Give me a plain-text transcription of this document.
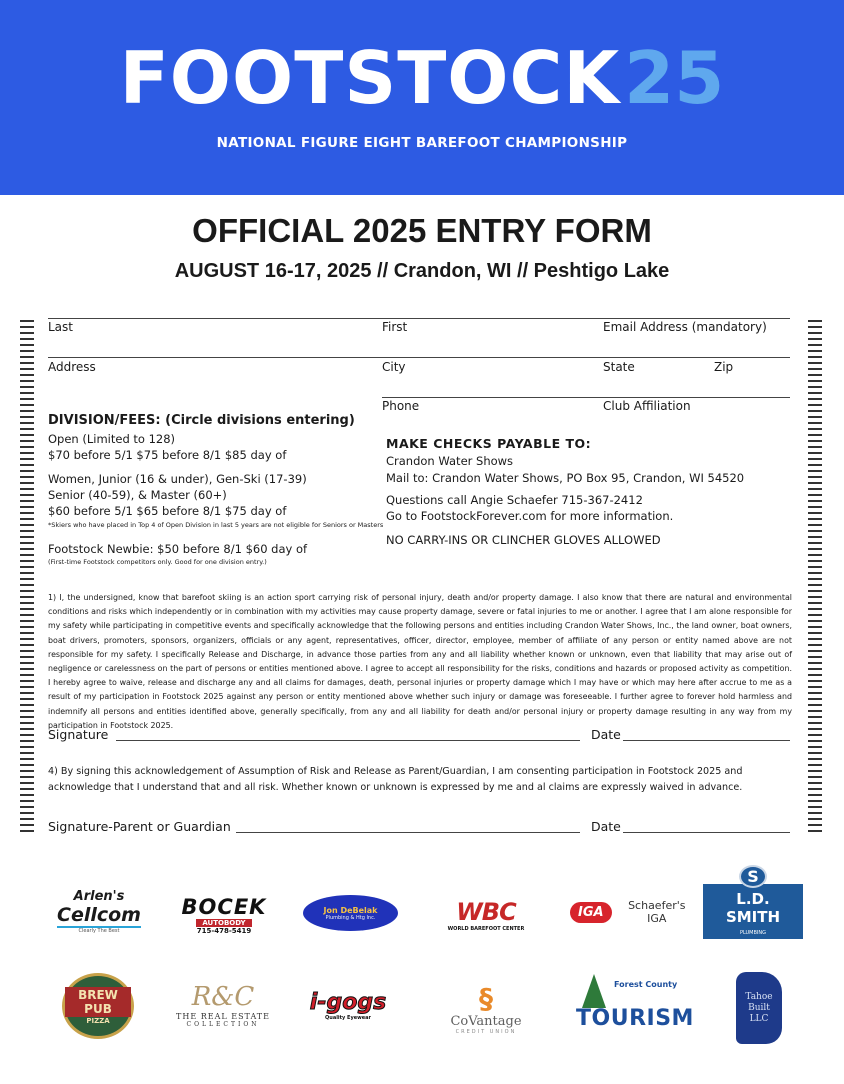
FOOTSTOCK25
NATIONAL FIGURE EIGHT BAREFOOT CHAMPIONSHIP
OFFICIAL 2025 ENTRY FORM
AUGUST 16-17, 2025 // Crandon, WI // Peshtigo Lake
Last	First	Email Address (mandatory)
Address	City	State	Zip
Phone	Club Affiliation
DIVISION/FEES: (Circle divisions entering)
Open (Limited to 128)
$70 before 5/1 $75 before 8/1 $85 day of
Women, Junior (16 & under), Gen-Ski (17-39)
Senior (40-59), & Master (60+)
$60 before 5/1 $65 before 8/1 $75 day of
*Skiers who have placed in Top 4 of Open Division in last 5 years are not eligible for Seniors or Masters
Footstock Newbie: $50 before 8/1 $60 day of
(First-time Footstock competitors only. Good for one division entry.)
MAKE CHECKS PAYABLE TO:
Crandon Water Shows
Mail to: Crandon Water Shows, PO Box 95, Crandon, WI 54520
Questions call Angie Schaefer 715-367-2412
Go to FootstockForever.com for more information.
NO CARRY-INS OR CLINCHER GLOVES ALLOWED
1) I, the undersigned, know that barefoot skiing is an action sport carrying risk of personal injury, death and/or property damage. I also know that there are natural and environmental conditions and risks which independently or in combination with my activities may cause property damage, severe or fatal injuries to me or another. I agree that I am alone responsible for my safety while participating in competitive events and specifically acknowledge that the following persons and entities including Crandon Water Shows, Inc., the land owner, boat owners, boat drivers, promoters, sponsors, organizers, officials or any agent, representatives, officer, director, employee, member of affiliate of any person or entity named above are not responsible for my safety. I specifically Release and Discharge, in advance those parties from any and all liability whether known or unknown, even that liability that may arise out of negligence or carelessness on the part of persons or entities mentioned above. I agree to accept all responsibility for the risks, conditions and hazards or proposed activity as competition. I hereby agree to waive, release and discharge any and all claims for damages, death, personal injuries or property damage which I may have or which may here after accrue to me as a result of my participation in Footstock 2025 against any person or entity mentioned above whether such injury or damage was foreseeable. I further agree to forever hold harmless and indemnify all persons and entities identified above, generally specifically, from any and all liability for death and/or personal injury or property damage resulting in any way from my participation in Footstock 2025.
Signature	Date
4) By signing this acknowledgement of Assumption of Risk and Release as Parent/Guardian, I am consenting participation in Footstock 2025 and acknowledge that I understand that and all risk. Whether known or unknown is expressed by me and al claims are expressly waived in advance.
Signature-Parent or Guardian	Date
Arlen's
Cellcom
Clearly The Best
BOCEK
AUTOBODY
715-478-5419
Jon DeBelak
Plumbing & Htg Inc.	WBC
WORLD BAREFOOT CENTER
IGA	Schaefer's IGA
S
L.D. SMITH
PLUMBING
BREW PUB
PIZZA
R&C
THE REAL ESTATE
COLLECTION
i-gogs
Quality Eyewear
§
CoVantage
CREDIT UNION
Forest County
TOURISM
Tahoe
Built
LLC
